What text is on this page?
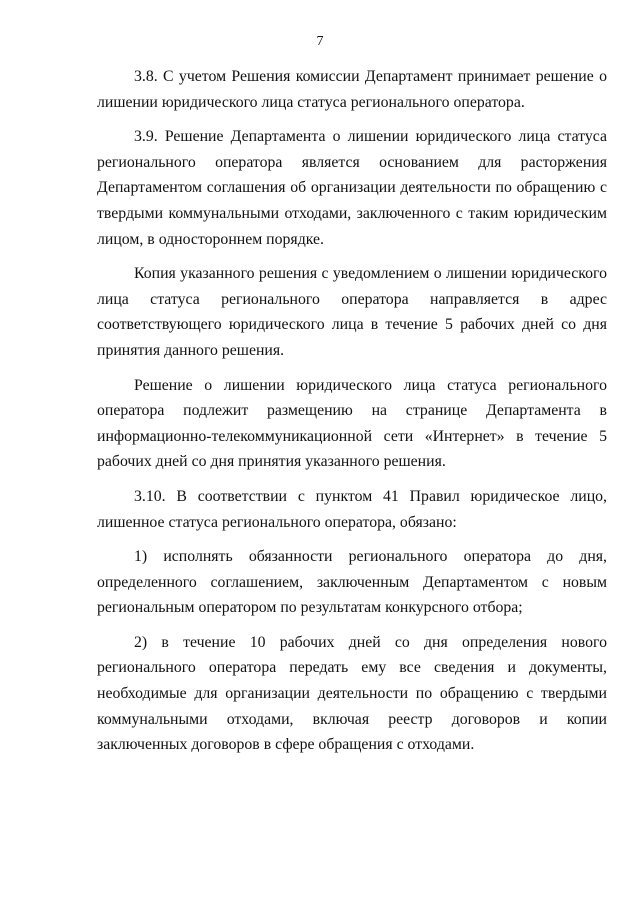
7

3.8. С учетом Решения комиссии Департамент принимает решение о лишении юридического лица статуса регионального оператора.

3.9. Решение Департамента о лишении юридического лица статуса регионального оператора является основанием для расторжения Департаментом соглашения об организации деятельности по обращению с твердыми коммунальными отходами, заключенного с таким юридическим лицом, в одностороннем порядке.

Копия указанного решения с уведомлением о лишении юридического лица статуса регионального оператора направляется в адрес соответствующего юридического лица в течение 5 рабочих дней со дня принятия данного решения.

Решение о лишении юридического лица статуса регионального оператора подлежит размещению на странице Департамента в информационно-телекоммуникационной сети «Интернет» в течение 5 рабочих дней со дня принятия указанного решения.

3.10. В соответствии с пунктом 41 Правил юридическое лицо, лишенное статуса регионального оператора, обязано:

1) исполнять обязанности регионального оператора до дня, определенного соглашением, заключенным Департаментом с новым региональным оператором по результатам конкурсного отбора;

2) в течение 10 рабочих дней со дня определения нового регионального оператора передать ему все сведения и документы, необходимые для организации деятельности по обращению с твердыми коммунальными отходами, включая реестр договоров и копии заключенных договоров в сфере обращения с отходами.
